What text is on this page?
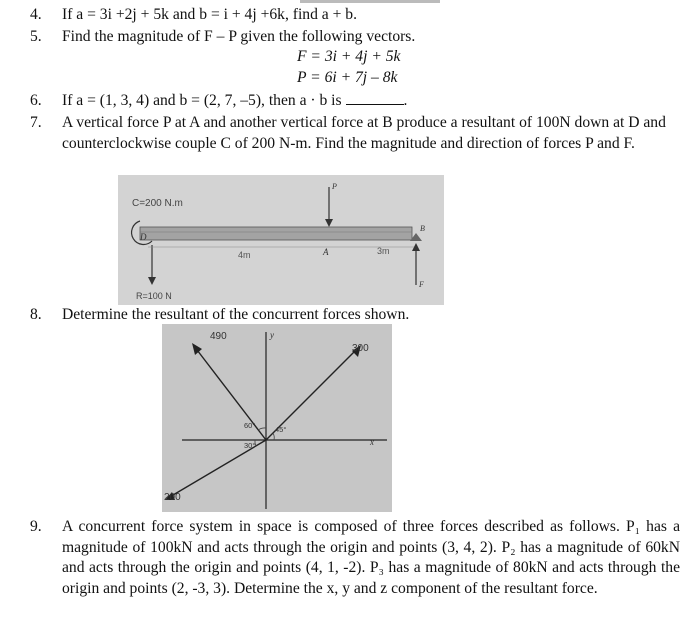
4.	If a = 3i +2j + 5k and b = i + 4j +6k, find a + b.
5.	Find the magnitude of F – P given the following vectors.
F = 3i + 4j + 5k
P = 6i + 7j – 8k
6.	If a = (1, 3, 4) and b = (2, 7, –5), then a · b is	.
7.	A vertical force P at A and another vertical force at B produce a resultant of 100N down at D and counterclockwise couple C of 200 N-m. Find the magnitude and direction of forces P and F.
C=200 N.m
D
4m	A	3m
P
B
F
R=100 N
8.	Determine the resultant of the concurrent forces shown.
490
300
200
y
x
60°
30°
45°
9.	A concurrent force system in space is composed of three forces described as follows. P₁ has a magnitude of 100kN and acts through the origin and points (3, 4, 2). P₂ has a magnitude of 60kN and acts through the origin and points (4, 1, -2). P₃ has a magnitude of 80kN and acts through the origin and points (2, -3, 3). Determine the x, y and z component of the resultant force.
